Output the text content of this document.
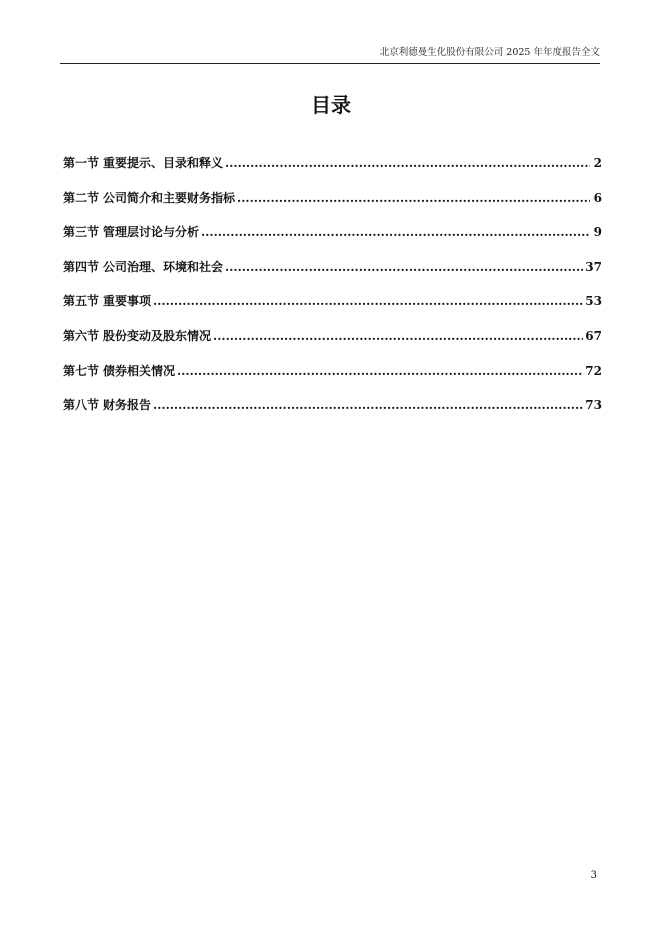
北京利德曼生化股份有限公司 2025 年年度报告全文
目录
第一节 重要提示、目录和释义 .....	2
第二节 公司简介和主要财务指标 .....	6
第三节 管理层讨论与分析 .....	9
第四节 公司治理、环境和社会 .....	37
第五节 重要事项 .....	53
第六节 股份变动及股东情况 .....	67
第七节 债券相关情况 .....	72
第八节 财务报告 .....	73
3
